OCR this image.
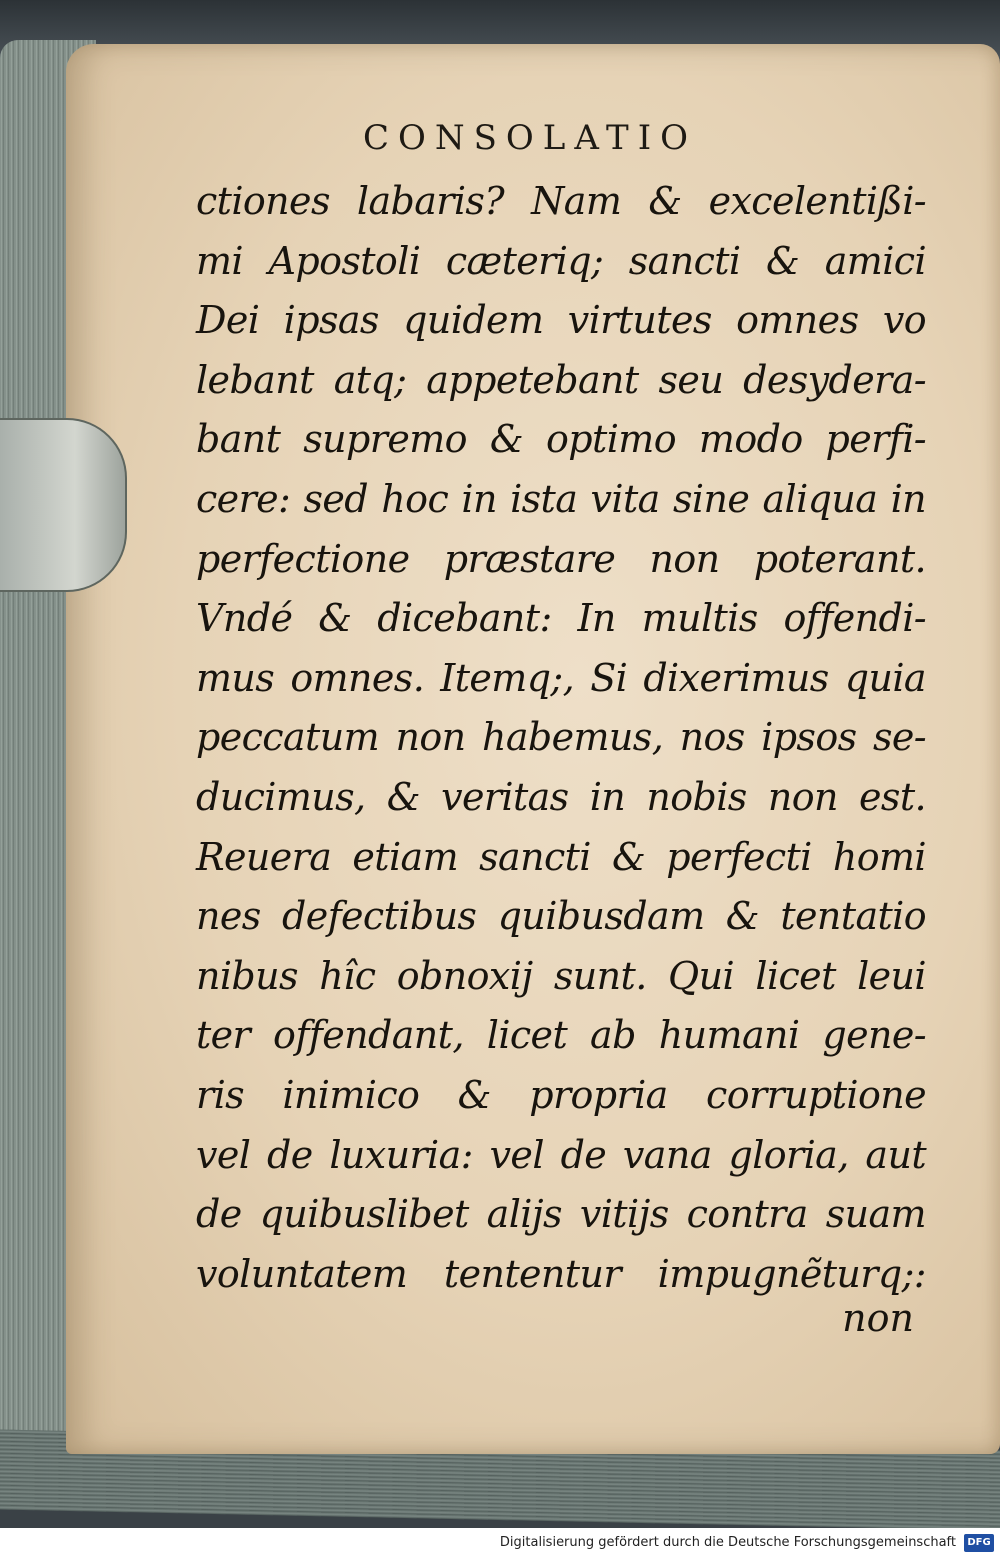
CONSOLATIO
ctiones labaris? Nam & excelentißi-
mi Apostoli cæteriq; sancti & amici
Dei ipsas quidem virtutes omnes vo
lebant atq; appetebant seu desydera-
bant supremo & optimo modo perfi-
cere: sed hoc in ista vita sine aliqua in
perfectione præstare non poterant.
Vndé & dicebant: In multis offendi-
mus omnes. Itemq;, Si dixerimus quia
peccatum non habemus, nos ipsos se-
ducimus, & veritas in nobis non est.
Reuera etiam sancti & perfecti homi
nes defectibus quibusdam & tentatio
nibus hîc obnoxij sunt. Qui licet leui
ter offendant, licet ab humani gene-
ris inimico & propria corruptione
vel de luxuria: vel de vana gloria, aut
de quibuslibet alijs vitijs contra suam
voluntatem tententur impugnẽturq;:
non
Digitalisierung gefördert durch die Deutsche Forschungsgemeinschaft	DFG
